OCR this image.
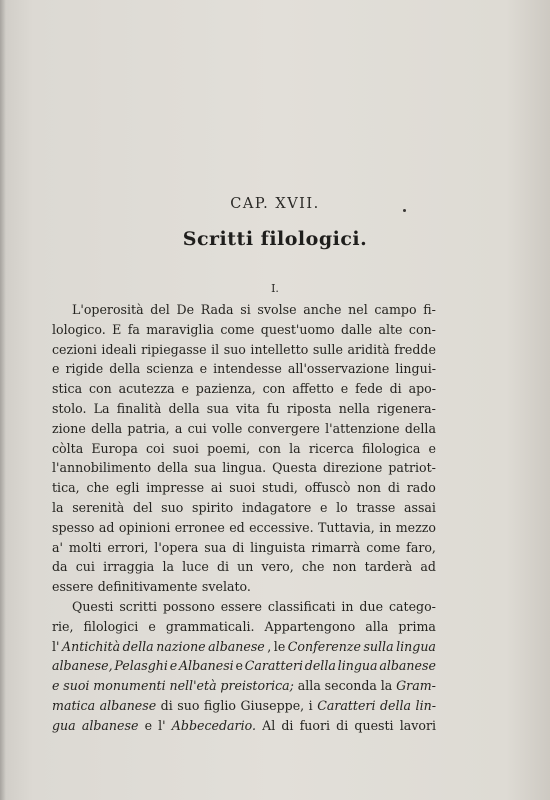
CAP. XVII.
Scritti filologici.
I.
L'operosità del De Rada si svolse anche nel campo fi-
lologico. E fa maraviglia come quest'uomo dalle alte con-
cezioni ideali ripiegasse il suo intelletto sulle aridità fredde
e rigide della scienza e intendesse all'osservazione lingui-
stica con acutezza e pazienza, con affetto e fede di apo-
stolo. La finalità della sua vita fu riposta nella rigenera-
zione della patria, a cui volle convergere l'attenzione della
còlta Europa coi suoi poemi, con la ricerca filologica e
l'annobilimento della sua lingua. Questa direzione patriot-
tica, che egli impresse ai suoi studi, offuscò non di rado
la serenità del suo spirito indagatore e lo trasse assai
spesso ad opinioni erronee ed eccessive. Tuttavia, in mezzo
a' molti errori, l'opera sua di linguista rimarrà come faro,
da cui irraggia la luce di un vero, che non tarderà ad
essere definitivamente svelato.
Questi scritti possono essere classificati in due catego-
rie, filologici e grammaticali. Appartengono alla prima
l' Antichità della nazione albanese , le Conferenze sulla lingua
albanese, Pelasghi e Albanesi e Caratteri della lingua albanese
e suoi monumenti nell'età preistorica; alla seconda la Gram-
matica albanese di suo figlio Giuseppe, i Caratteri della lin-
gua albanese e l' Abbecedario. Al di fuori di questi lavori
